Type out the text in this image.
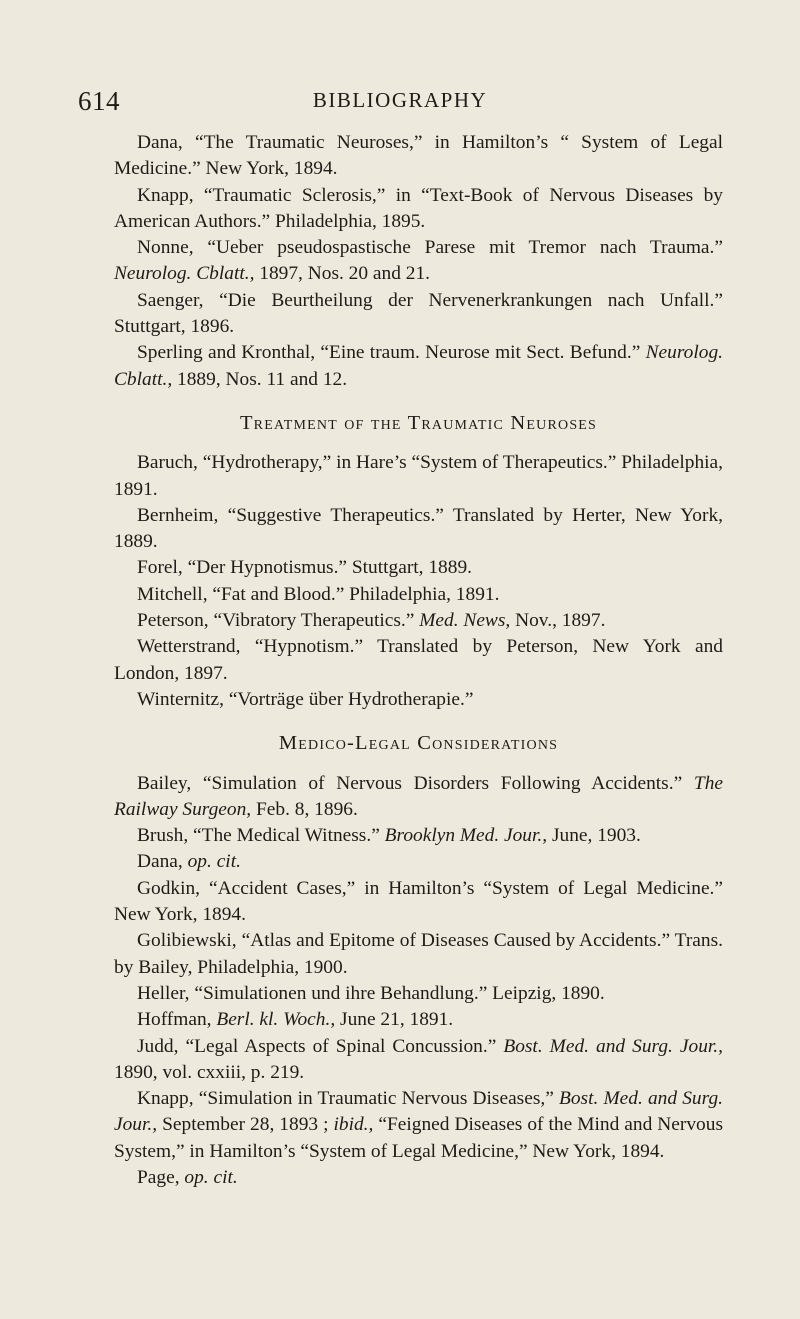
614	BIBLIOGRAPHY

Dana, “The Traumatic Neuroses,” in Hamilton’s “ System of Legal Medicine.” New York, 1894.

Knapp, “Traumatic Sclerosis,” in “Text-Book of Nervous Diseases by American Authors.” Philadelphia, 1895.

Nonne, “Ueber pseudospastische Parese mit Tremor nach Trauma.” Neurolog. Cblatt., 1897, Nos. 20 and 21.

Saenger, “Die Beurtheilung der Nervenerkrankungen nach Unfall.” Stuttgart, 1896.

Sperling and Kronthal, “Eine traum. Neurose mit Sect. Befund.” Neurolog. Cblatt., 1889, Nos. 11 and 12.

Treatment of the Traumatic Neuroses

Baruch, “Hydrotherapy,” in Hare’s “System of Therapeutics.” Philadelphia, 1891.

Bernheim, “Suggestive Therapeutics.” Translated by Herter, New York, 1889.

Forel, “Der Hypnotismus.” Stuttgart, 1889.

Mitchell, “Fat and Blood.” Philadelphia, 1891.

Peterson, “Vibratory Therapeutics.” Med. News, Nov., 1897.

Wetterstrand, “Hypnotism.” Translated by Peterson, New York and London, 1897.

Winternitz, “Vorträge über Hydrotherapie.”

Medico-Legal Considerations

Bailey, “Simulation of Nervous Disorders Following Accidents.” The Railway Surgeon, Feb. 8, 1896.

Brush, “The Medical Witness.” Brooklyn Med. Jour., June, 1903.

Dana, op. cit.

Godkin, “Accident Cases,” in Hamilton’s “System of Legal Medicine.” New York, 1894.

Golibiewski, “Atlas and Epitome of Diseases Caused by Accidents.” Trans. by Bailey, Philadelphia, 1900.

Heller, “Simulationen und ihre Behandlung.” Leipzig, 1890.

Hoffman, Berl. kl. Woch., June 21, 1891.

Judd, “Legal Aspects of Spinal Concussion.” Bost. Med. and Surg. Jour., 1890, vol. cxxiii, p. 219.

Knapp, “Simulation in Traumatic Nervous Diseases,” Bost. Med. and Surg. Jour., September 28, 1893 ; ibid., “Feigned Diseases of the Mind and Nervous System,” in Hamilton’s “System of Legal Medicine,” New York, 1894.

Page, op. cit.
